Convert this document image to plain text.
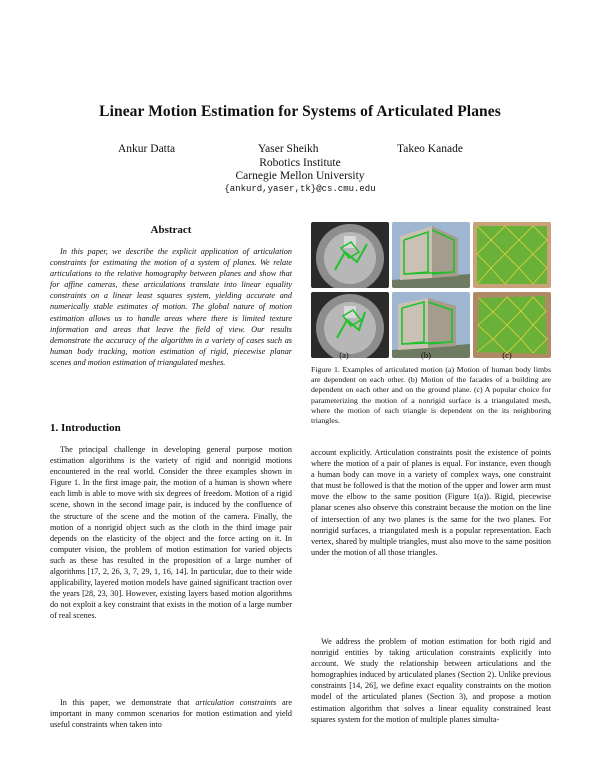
Linear Motion Estimation for Systems of Articulated Planes
Ankur Datta	Yaser Sheikh	Takeo Kanade
Robotics Institute
Carnegie Mellon University
{ankurd,yaser,tk}@cs.cmu.edu
Abstract
In this paper, we describe the explicit application of articulation constraints for estimating the motion of a system of planes. We relate articulations to the relative homography between planes and show that for affine cameras, these articulations translate into linear equality constraints on a linear least squares system, yielding accurate and numerically stable estimates of motion. The global nature of motion estimation allows us to handle areas where there is limited texture information and areas that leave the field of view. Our results demonstrate the accuracy of the algorithm in a variety of cases such as human body tracking, motion estimation of rigid, piecewise planar scenes and motion estimation of triangulated meshes.
(a)	(b)	(c)
Figure 1. Examples of articulated motion (a) Motion of human body limbs are dependent on each other. (b) Motion of the facades of a building are dependent on each other and on the ground plane. (c) A popular choice for parameterizing the motion of a nonrigid surface is a triangulated mesh, where the motion of each triangle is dependent on the its neighboring triangles.
1. Introduction

The principal challenge in developing general purpose motion estimation algorithms is the variety of rigid and nonrigid motions encountered in the real world. Consider the three examples shown in Figure 1. In the first image pair, the motion of a human is shown where each limb is able to move with six degrees of freedom. Motion of a rigid scene, shown in the second image pair, is induced by the confluence of the structure of the scene and the motion of the camera. Finally, the motion of a nonrigid object such as the cloth in the third image pair depends on the elasticity of the object and the force acting on it. In computer vision, the problem of motion estimation for varied objects such as these has resulted in the proposition of a large number of algorithms [17, 2, 26, 3, 7, 29, 1, 16, 14]. In particular, due to their wide applicability, layered motion models have gained significant traction over the years [28, 23, 30]. However, existing layers based motion algorithms do not exploit a key constraint that exists in the motion of a large number of real scenes.

In this paper, we demonstrate that articulation constraints are important in many common scenarios for motion estimation and yield useful constraints when taken into

account explicitly. Articulation constraints posit the existence of points where the motion of a pair of planes is equal. For instance, even though a human body can move in a variety of complex ways, one constraint that must be followed is that the motion of the upper and lower arm must move the elbow to the same position (Figure 1(a)). Rigid, piecewise planar scenes also observe this constraint because the motion on the line of intersection of any two planes is the same for the two planes. For nonrigid surfaces, a triangulated mesh is a popular representation. Each vertex, shared by multiple triangles, must also move to the same position under the motion of all those triangles.

We address the problem of motion estimation for both rigid and nonrigid entities by taking articulation constraints explicitly into account. We study the relationship between articulations and the homographies induced by articulated planes (Section 2). Unlike previous constraints [14, 26], we define exact equality constraints on the motion model of the articulated planes (Section 3), and propose a motion estimation algorithm that solves a linear equality constrained least squares system for the motion of multiple planes simulta-
